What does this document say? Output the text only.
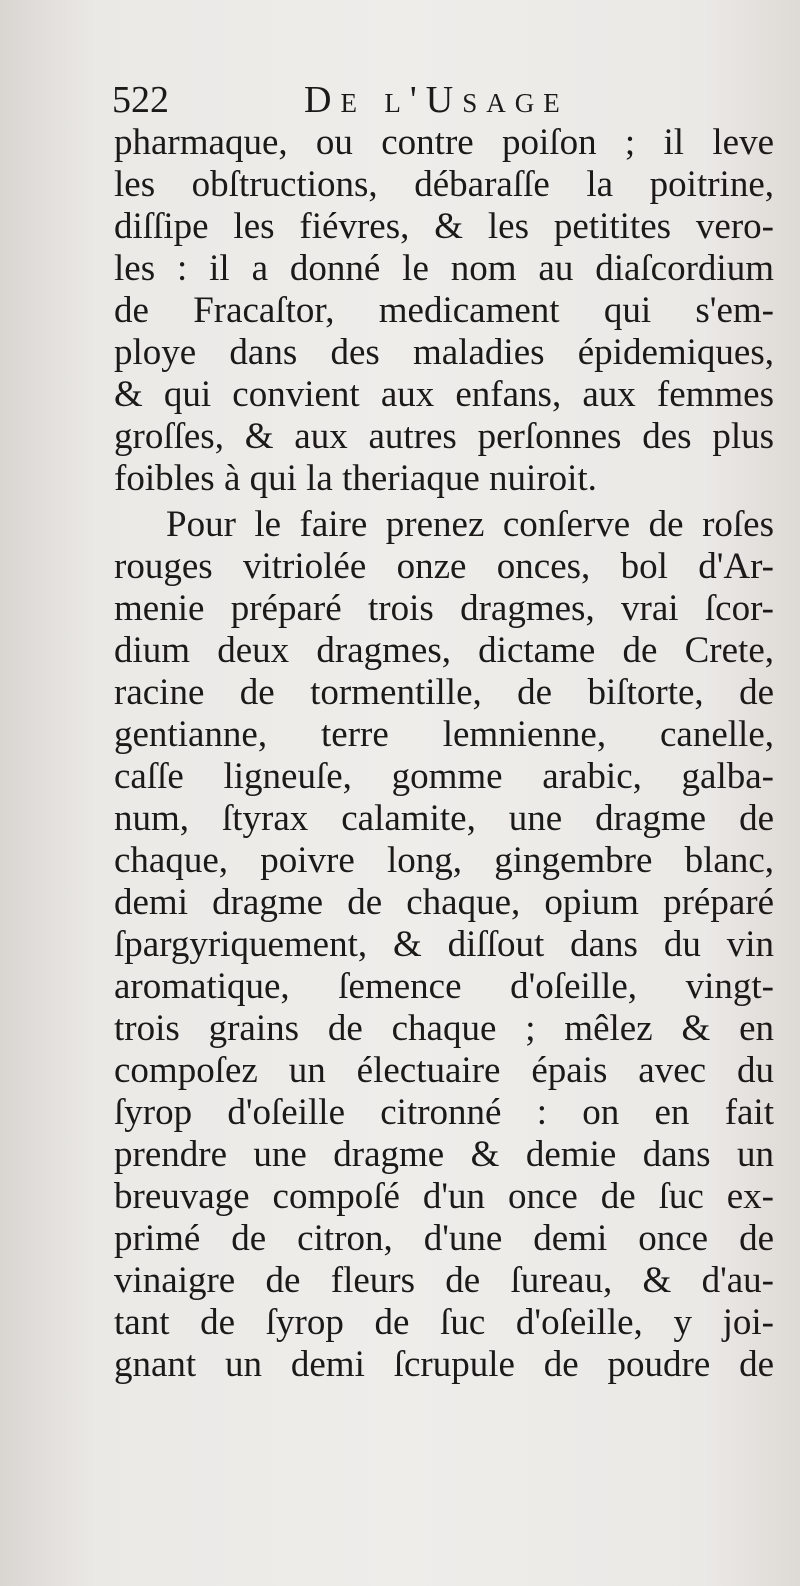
522	De l'Usage
pharmaque, ou contre poiſon ; il leve
les obſtructions, débaraſſe la poitrine,
diſſipe les fiévres, & les petitites vero-
les : il a donné le nom au diaſcordium
de Fracaſtor, medicament qui s'em-
ploye dans des maladies épidemiques,
& qui convient aux enfans, aux femmes
groſſes, & aux autres perſonnes des plus
foibles à qui la theriaque nuiroit.
Pour le faire prenez conſerve de roſes
rouges vitriolée onze onces, bol d'Ar-
menie préparé trois dragmes, vrai ſcor-
dium deux dragmes, dictame de Crete,
racine de tormentille, de biſtorte, de
gentianne, terre lemnienne, canelle,
caſſe ligneuſe, gomme arabic, galba-
num, ſtyrax calamite, une dragme de
chaque, poivre long, gingembre blanc,
demi dragme de chaque, opium préparé
ſpargyriquement, & diſſout dans du vin
aromatique, ſemence d'oſeille, vingt-
trois grains de chaque ; mêlez & en
compoſez un électuaire épais avec du
ſyrop d'oſeille citronné : on en fait
prendre une dragme & demie dans un
breuvage compoſé d'un once de ſuc ex-
primé de citron, d'une demi once de
vinaigre de fleurs de ſureau, & d'au-
tant de ſyrop de ſuc d'oſeille, y joi-
gnant un demi ſcrupule de poudre de
